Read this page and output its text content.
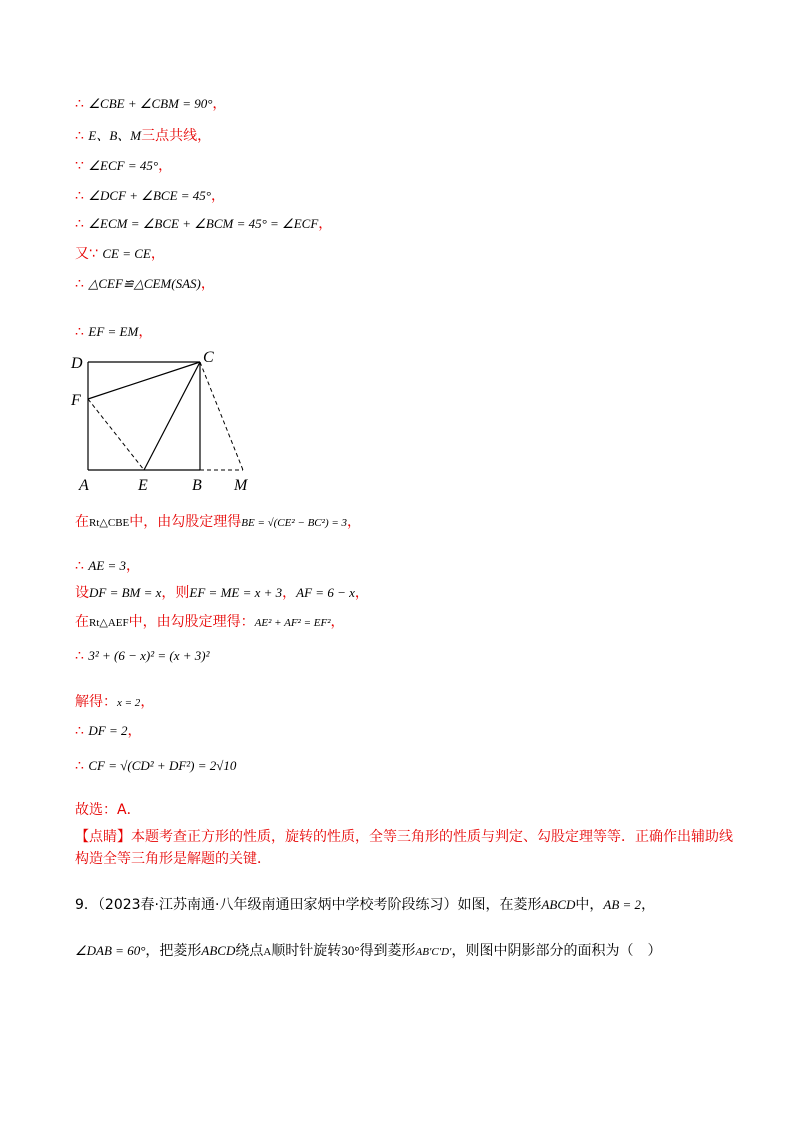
∴ ∠CBE + ∠CBM = 90°，
∴ E、B、M三点共线，
∵ ∠ECF = 45°，
∴ ∠DCF + ∠BCE = 45°，
∴ ∠ECM = ∠BCE + ∠BCM = 45° = ∠ECF，
又∵ CE = CE，
∴ △CEF≌△CEM(SAS)，
∴ EF = EM，
D	C
F
A	E	B M
在Rt△CBE中，由勾股定理得BE = √(CE² − BC²) = 3，
∴ AE = 3，
设DF = BM = x，则EF = ME = x + 3，AF = 6 − x，
在Rt△AEF中，由勾股定理得：AE² + AF² = EF²，
∴ 3² + (6 − x)² = (x + 3)²
解得：x = 2，
∴ DF = 2，
∴ CF = √(CD² + DF²) = 2√10
故选：A．
【点睛】本题考查正方形的性质，旋转的性质，全等三角形的性质与判定、勾股定理等等．正确作出辅助线构造全等三角形是解题的关键．
9．（2023春·江苏南通·八年级南通田家炳中学校考阶段练习）如图，在菱形ABCD中，AB = 2，
∠DAB = 60°，把菱形ABCD绕点A顺时针旋转30°得到菱形AB′C′D′，则图中阴影部分的面积为（　）
